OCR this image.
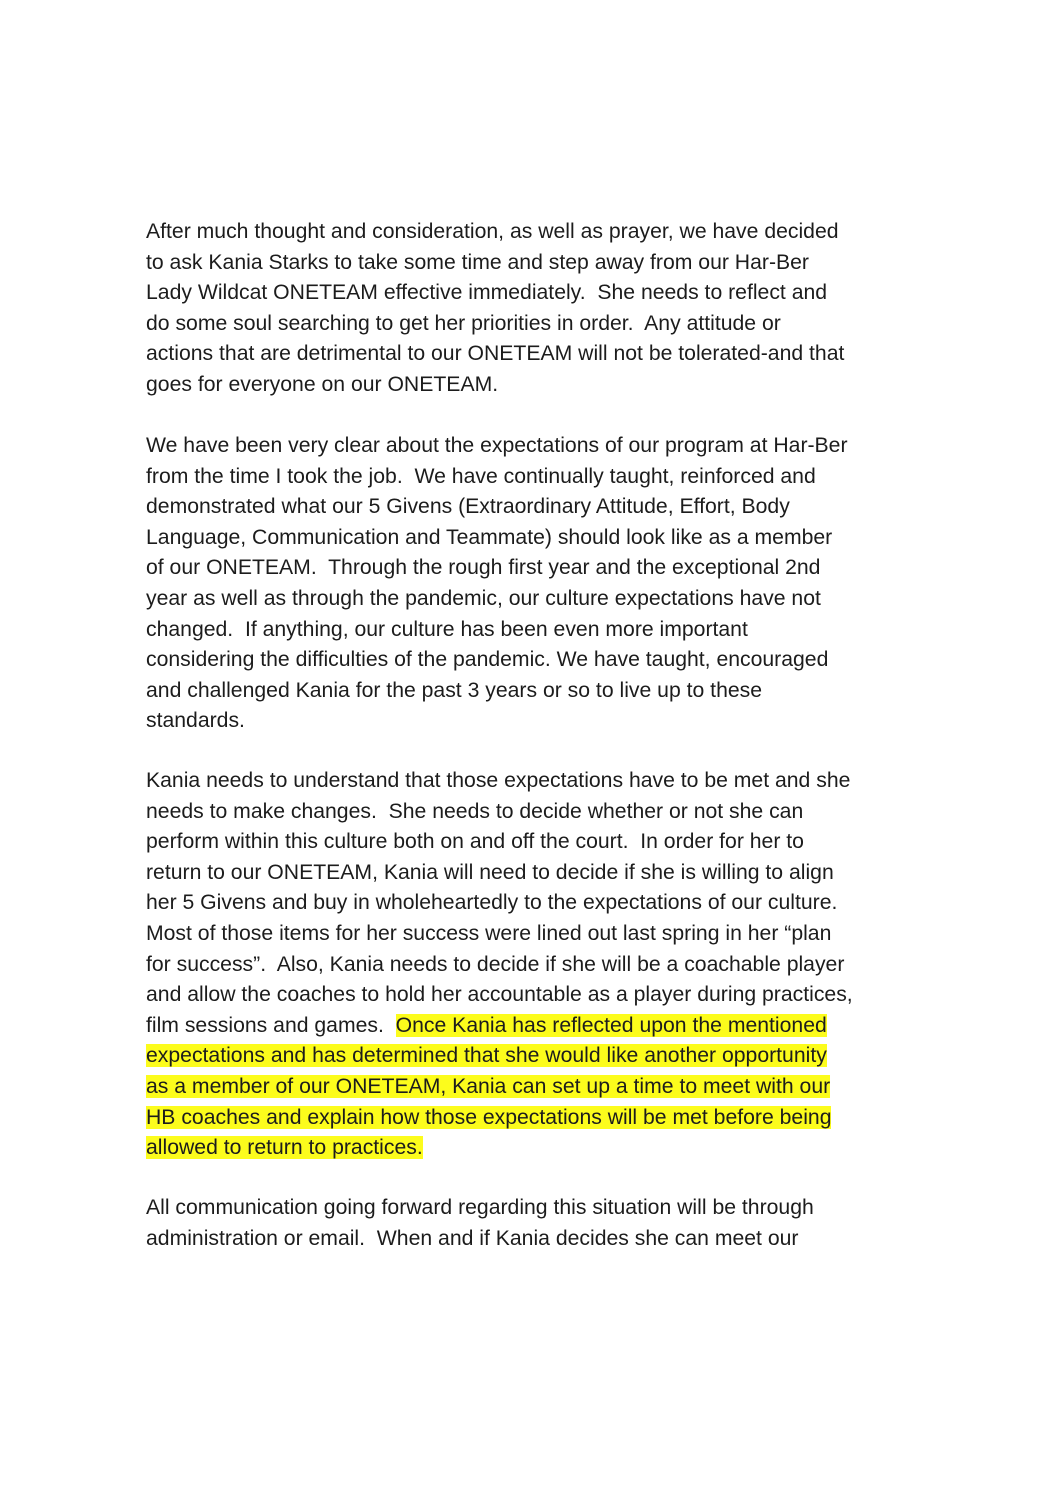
After much thought and consideration, as well as prayer, we have decided
to ask Kania Starks to take some time and step away from our Har-Ber
Lady Wildcat ONETEAM effective immediately.  She needs to reflect and
do some soul searching to get her priorities in order.  Any attitude or
actions that are detrimental to our ONETEAM will not be tolerated-and that
goes for everyone on our ONETEAM.
We have been very clear about the expectations of our program at Har-Ber
from the time I took the job.  We have continually taught, reinforced and
demonstrated what our 5 Givens (Extraordinary Attitude, Effort, Body
Language, Communication and Teammate) should look like as a member
of our ONETEAM.  Through the rough first year and the exceptional 2nd
year as well as through the pandemic, our culture expectations have not
changed.  If anything, our culture has been even more important
considering the difficulties of the pandemic. We have taught, encouraged
and challenged Kania for the past 3 years or so to live up to these
standards.
Kania needs to understand that those expectations have to be met and she
needs to make changes.  She needs to decide whether or not she can
perform within this culture both on and off the court.  In order for her to
return to our ONETEAM, Kania will need to decide if she is willing to align
her 5 Givens and buy in wholeheartedly to the expectations of our culture.
Most of those items for her success were lined out last spring in her “plan
for success”.  Also, Kania needs to decide if she will be a coachable player
and allow the coaches to hold her accountable as a player during practices,
film sessions and games.  Once Kania has reflected upon the mentioned
expectations and has determined that she would like another opportunity
as a member of our ONETEAM, Kania can set up a time to meet with our
HB coaches and explain how those expectations will be met before being
allowed to return to practices.
All communication going forward regarding this situation will be through
administration or email.  When and if Kania decides she can meet our
